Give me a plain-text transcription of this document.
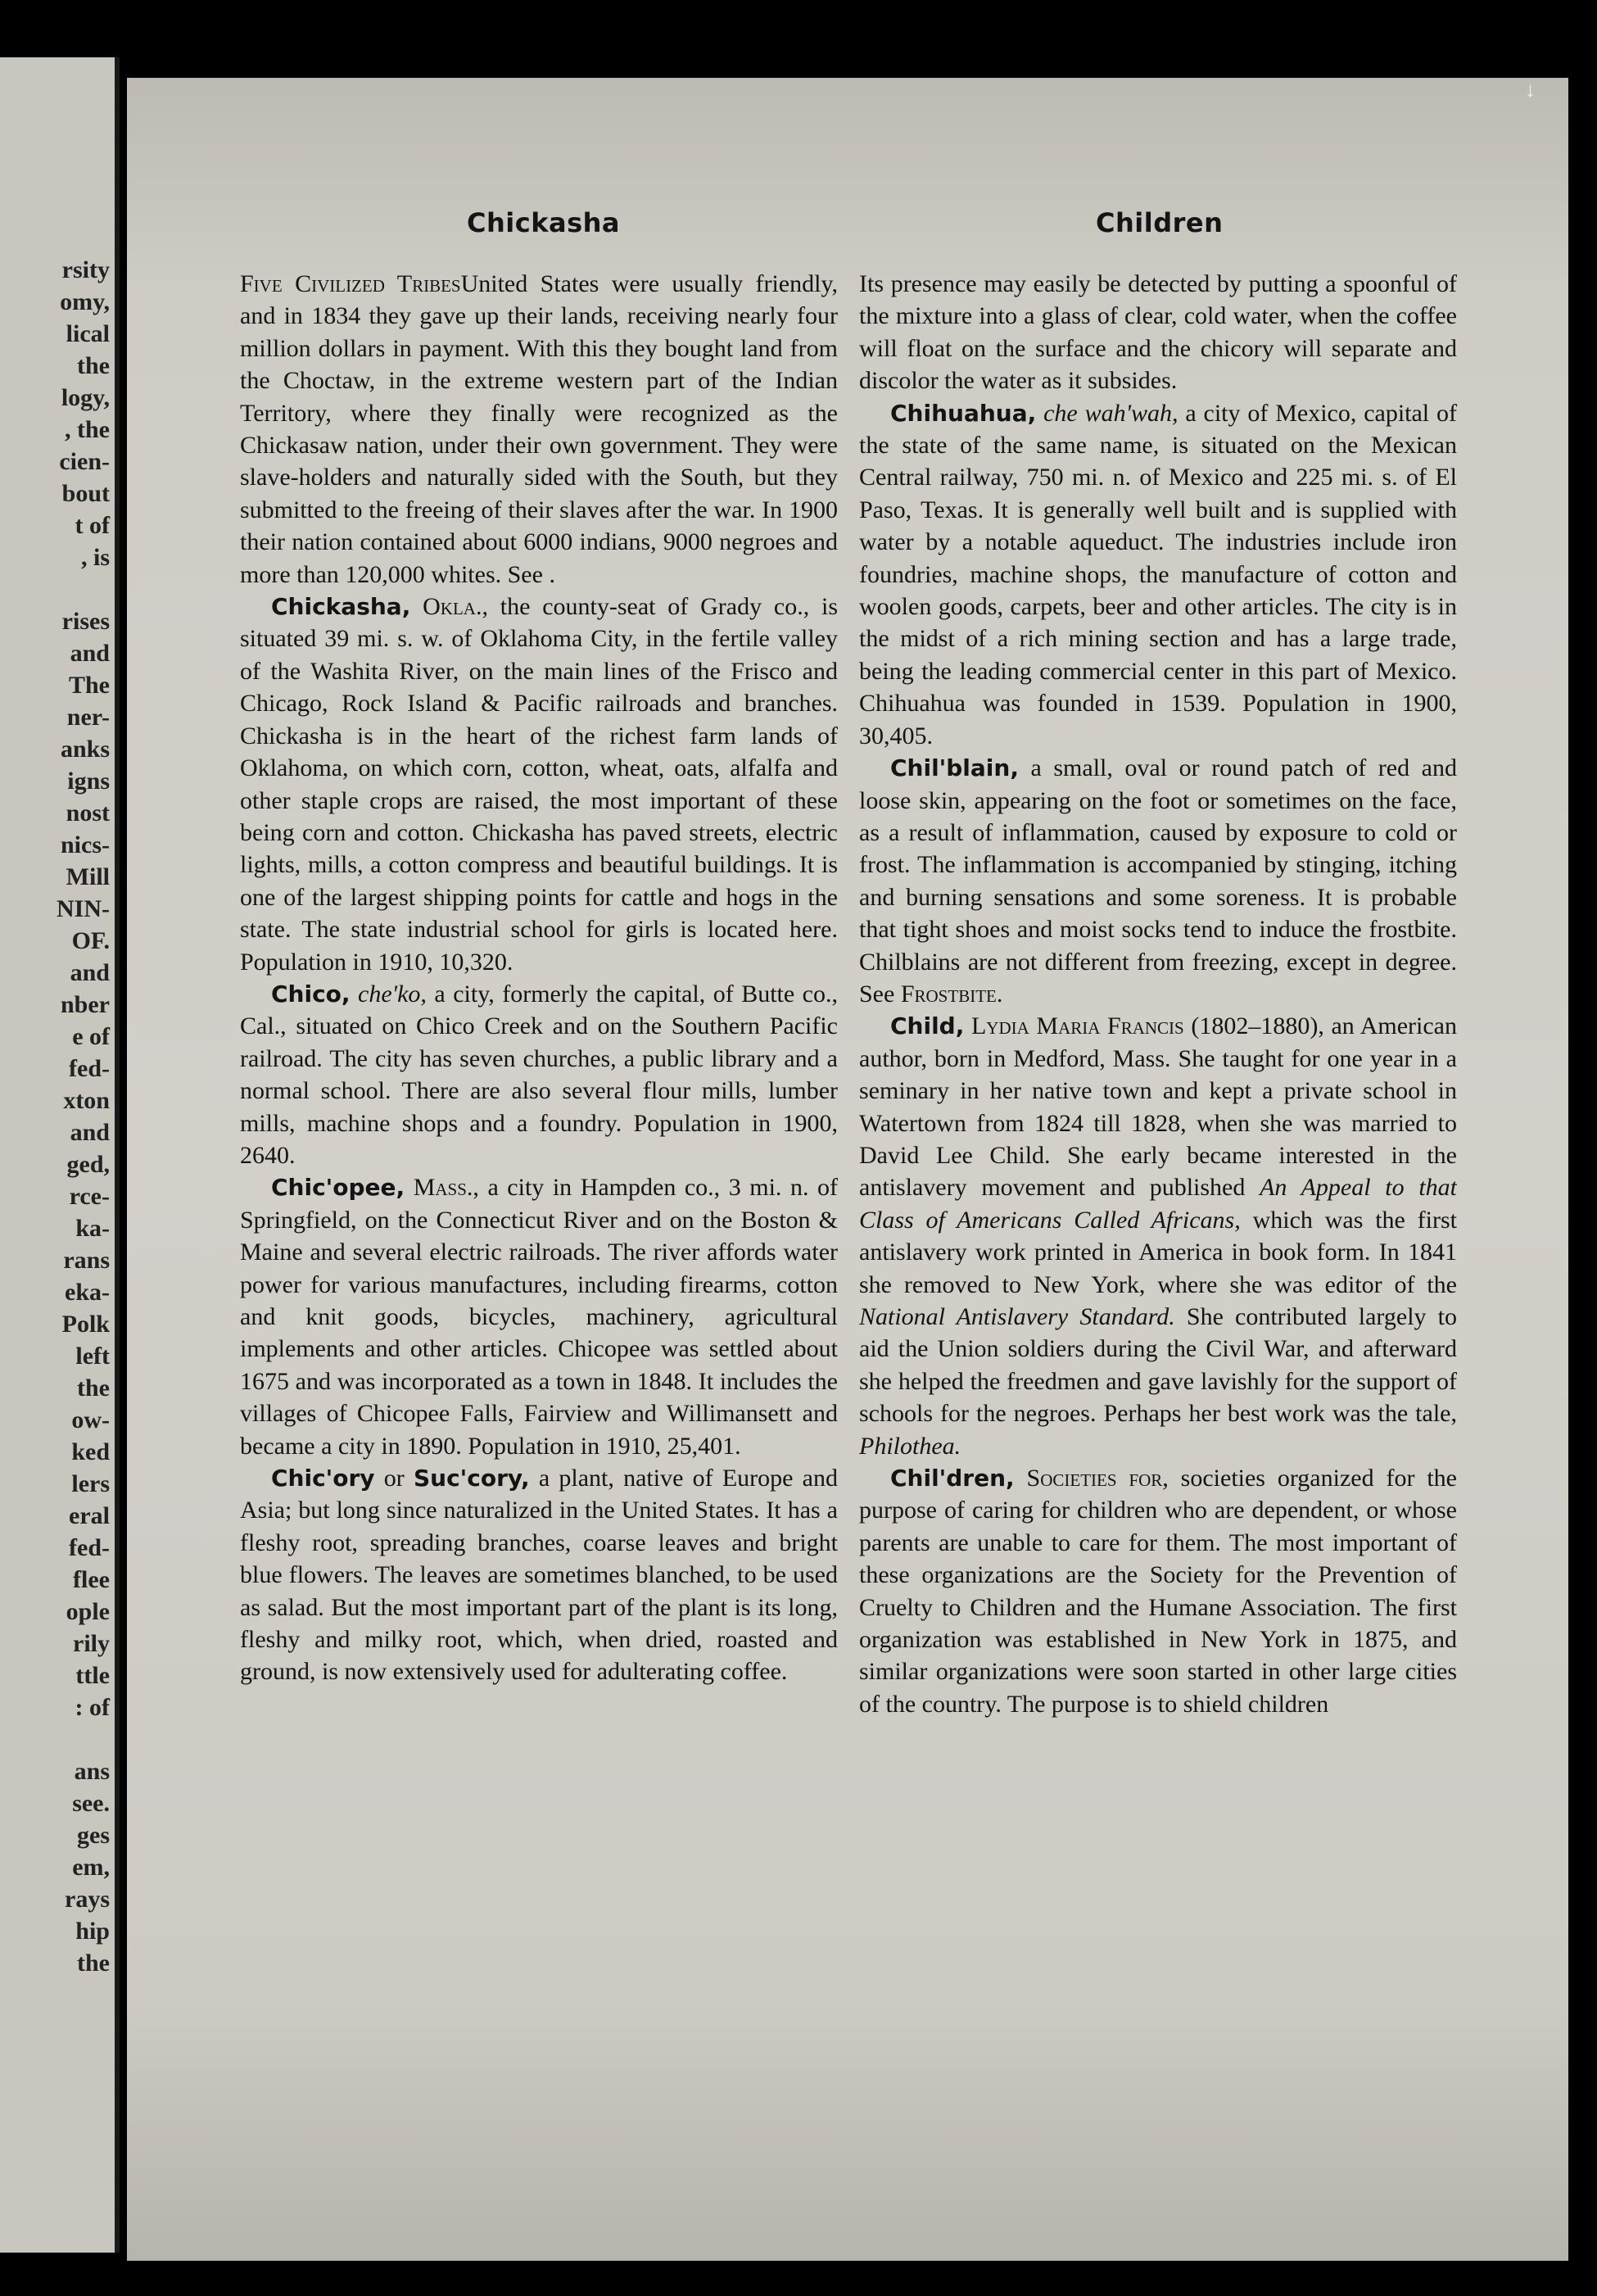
rsity
omy,
lical
the
logy,
, the
cien-
bout
t of
, is

rises
and
The
ner-
anks
igns
nost
nics-
Mill
NIN-
OF.
and
nber
e of
fed-
xton
and
ged,
rce-
ka-
rans
eka-
Polk
left
the
ow-
ked
lers
eral
fed-
flee
ople
rily
ttle
: of

ans
see.
ges
em,
rays
hip
the
↓
Chickasha	Children

Five Civilized TribesUnited States were usually friendly, and in 1834 they gave up their lands, receiving nearly four million dollars in payment. With this they bought land from the Choctaw, in the extreme western part of the Indian Territory, where they finally were recognized as the Chickasaw nation, under their own government. They were slave-holders and naturally sided with the South, but they submitted to the freeing of their slaves after the war. In 1900 their nation contained about 6000 indians, 9000 negroes and more than 120,000 whites. See .

Chickasha, Okla., the county-seat of Grady co., is situated 39 mi. s. w. of Oklahoma City, in the fertile valley of the Washita River, on the main lines of the Frisco and Chicago, Rock Island & Pacific railroads and branches. Chickasha is in the heart of the richest farm lands of Oklahoma, on which corn, cotton, wheat, oats, alfalfa and other staple crops are raised, the most important of these being corn and cotton. Chickasha has paved streets, electric lights, mills, a cotton compress and beautiful buildings. It is one of the largest shipping points for cattle and hogs in the state. The state industrial school for girls is located here. Population in 1910, 10,320.

Chico, che'ko, a city, formerly the capital, of Butte co., Cal., situated on Chico Creek and on the Southern Pacific railroad. The city has seven churches, a public library and a normal school. There are also several flour mills, lumber mills, machine shops and a foundry. Population in 1900, 2640.

Chic'opee, Mass., a city in Hampden co., 3 mi. n. of Springfield, on the Connecticut River and on the Boston & Maine and several electric railroads. The river affords water power for various manufactures, including firearms, cotton and knit goods, bicycles, machinery, agricultural implements and other articles. Chicopee was settled about 1675 and was incorporated as a town in 1848. It includes the villages of Chicopee Falls, Fairview and Willimansett and became a city in 1890. Population in 1910, 25,401.

Chic'ory or Suc'cory, a plant, native of Europe and Asia; but long since naturalized in the United States. It has a fleshy root, spreading branches, coarse leaves and bright blue flowers. The leaves are sometimes blanched, to be used as salad. But the most important part of the plant is its long, fleshy and milky root, which, when dried, roasted and ground, is now extensively used for adulterating coffee.

Its presence may easily be detected by putting a spoonful of the mixture into a glass of clear, cold water, when the coffee will float on the surface and the chicory will separate and discolor the water as it subsides.

Chihuahua, che wah'wah, a city of Mexico, capital of the state of the same name, is situated on the Mexican Central railway, 750 mi. n. of Mexico and 225 mi. s. of El Paso, Texas. It is generally well built and is supplied with water by a notable aqueduct. The industries include iron foundries, machine shops, the manufacture of cotton and woolen goods, carpets, beer and other articles. The city is in the midst of a rich mining section and has a large trade, being the leading commercial center in this part of Mexico. Chihuahua was founded in 1539. Population in 1900, 30,405.

Chil'blain, a small, oval or round patch of red and loose skin, appearing on the foot or sometimes on the face, as a result of inflammation, caused by exposure to cold or frost. The inflammation is accompanied by stinging, itching and burning sensations and some soreness. It is probable that tight shoes and moist socks tend to induce the frostbite. Chilblains are not different from freezing, except in degree. See Frostbite.

Child, Lydia Maria Francis (1802–1880), an American author, born in Medford, Mass. She taught for one year in a seminary in her native town and kept a private school in Watertown from 1824 till 1828, when she was married to David Lee Child. She early became interested in the antislavery movement and published An Appeal to that Class of Americans Called Africans, which was the first antislavery work printed in America in book form. In 1841 she removed to New York, where she was editor of the National Antislavery Standard. She contributed largely to aid the Union soldiers during the Civil War, and afterward she helped the freedmen and gave lavishly for the support of schools for the negroes. Perhaps her best work was the tale, Philothea.

Chil'dren, Societies for, societies organized for the purpose of caring for children who are dependent, or whose parents are unable to care for them. The most important of these organizations are the Society for the Prevention of Cruelty to Children and the Humane Association. The first organization was established in New York in 1875, and similar organizations were soon started in other large cities of the country. The purpose is to shield children
